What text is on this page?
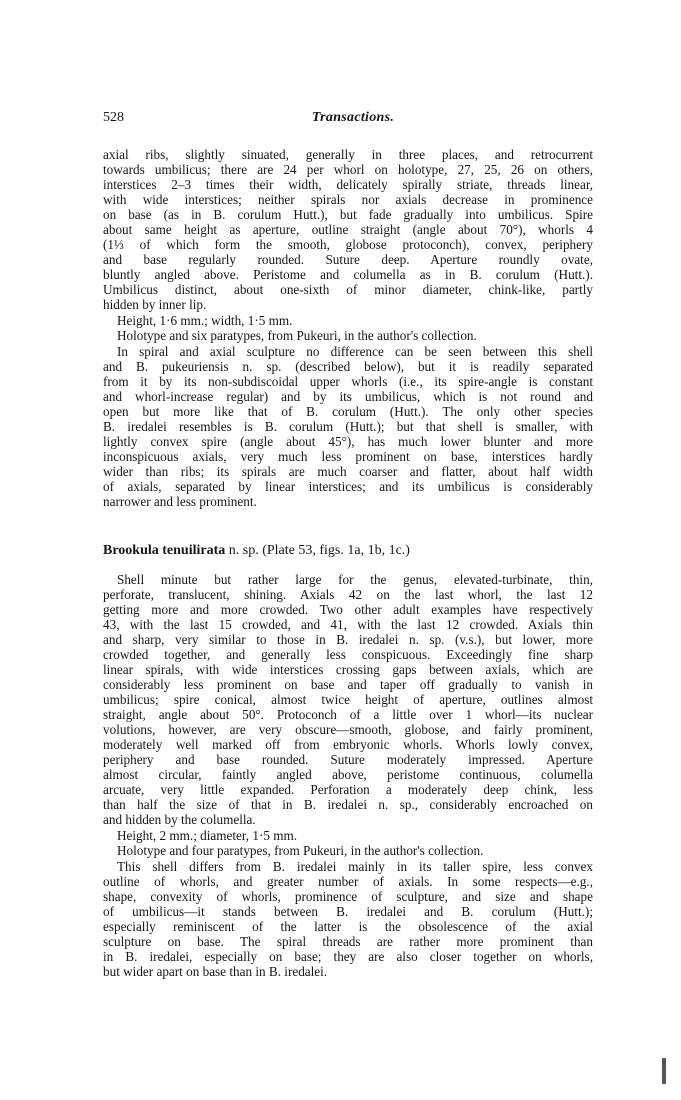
528	Transactions.
axial ribs, slightly sinuated, generally in three places, and retrocurrent
towards umbilicus; there are 24 per whorl on holotype, 27, 25, 26 on others,
interstices 2–3 times their width, delicately spirally striate, threads linear,
with wide interstices; neither spirals nor axials decrease in prominence
on base (as in B. corulum Hutt.), but fade gradually into umbilicus. Spire
about same height as aperture, outline straight (angle about 70°), whorls 4
(1⅓ of which form the smooth, globose protoconch), convex, periphery
and base regularly rounded. Suture deep. Aperture roundly ovate,
bluntly angled above. Peristome and columella as in B. corulum (Hutt.).
Umbilicus distinct, about one-sixth of minor diameter, chink-like, partly
hidden by inner lip.
Height, 1·6 mm.; width, 1·5 mm.
Holotype and six paratypes, from Pukeuri, in the author's collection.
In spiral and axial sculpture no difference can be seen between this shell
and B. pukeuriensis n. sp. (described below), but it is readily separated
from it by its non-subdiscoidal upper whorls (i.e., its spire-angle is constant
and whorl-increase regular) and by its umbilicus, which is not round and
open but more like that of B. corulum (Hutt.). The only other species
B. iredalei resembles is B. corulum (Hutt.); but that shell is smaller, with
lightly convex spire (angle about 45°), has much lower blunter and more
inconspicuous axials, very much less prominent on base, interstices hardly
wider than ribs; its spirals are much coarser and flatter, about half width
of axials, separated by linear interstices; and its umbilicus is considerably
narrower and less prominent.
Brookula tenuilirata n. sp. (Plate 53, figs. 1a, 1b, 1c.)
Shell minute but rather large for the genus, elevated-turbinate, thin,
perforate, translucent, shining. Axials 42 on the last whorl, the last 12
getting more and more crowded. Two other adult examples have respectively
43, with the last 15 crowded, and 41, with the last 12 crowded. Axials thin
and sharp, very similar to those in B. iredalei n. sp. (v.s.), but lower, more
crowded together, and generally less conspicuous. Exceedingly fine sharp
linear spirals, with wide interstices crossing gaps between axials, which are
considerably less prominent on base and taper off gradually to vanish in
umbilicus; spire conical, almost twice height of aperture, outlines almost
straight, angle about 50°. Protoconch of a little over 1 whorl—its nuclear
volutions, however, are very obscure—smooth, globose, and fairly prominent,
moderately well marked off from embryonic whorls. Whorls lowly convex,
periphery and base rounded. Suture moderately impressed. Aperture
almost circular, faintly angled above, peristome continuous, columella
arcuate, very little expanded. Perforation a moderately deep chink, less
than half the size of that in B. iredalei n. sp., considerably encroached on
and hidden by the columella.
Height, 2 mm.; diameter, 1·5 mm.
Holotype and four paratypes, from Pukeuri, in the author's collection.
This shell differs from B. iredalei mainly in its taller spire, less convex
outline of whorls, and greater number of axials. In some respects—e.g.,
shape, convexity of whorls, prominence of sculpture, and size and shape
of umbilicus—it stands between B. iredalei and B. corulum (Hutt.);
especially reminiscent of the latter is the obsolescence of the axial
sculpture on base. The spiral threads are rather more prominent than
in B. iredalei, especially on base; they are also closer together on whorls,
but wider apart on base than in B. iredalei.
